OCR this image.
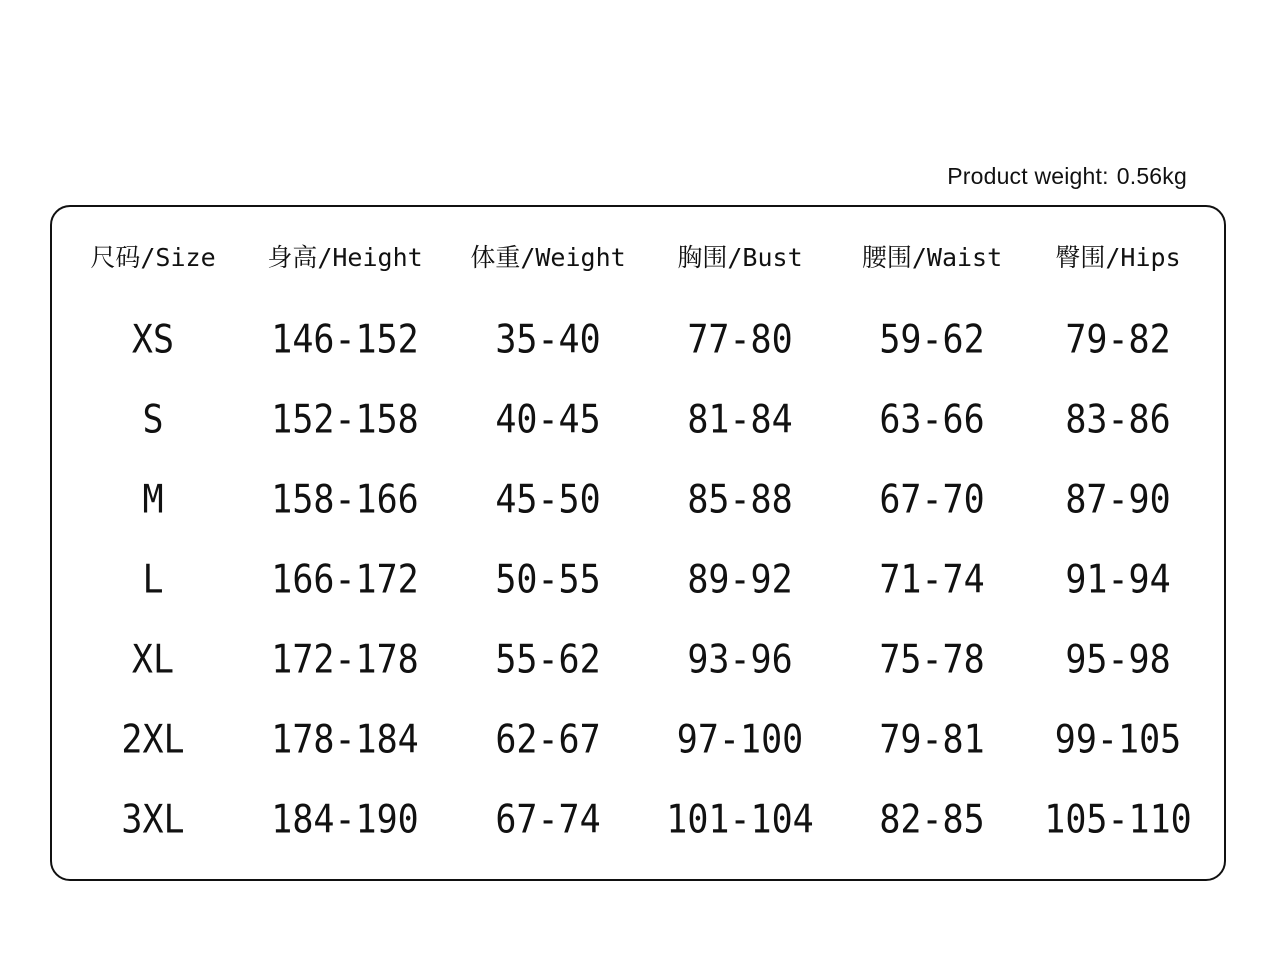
Product weight: 0.56kg
尺码/Size 身高/Height 体重/Weight 胸围/Bust 腰围/Waist 臀围/Hips
XS	146-152 35-40 77-80 59-62 79-82
S	152-158 40-45 81-84 63-66 83-86
M	158-166 45-50 85-88 67-70 87-90
L	166-172 50-55 89-92 71-74 91-94
XL	172-178 55-62 93-96 75-78 95-98
2XL 178-184 62-67 97-100 79-81 99-105
3XL 184-190 67-74 101-104 82-85 105-110
